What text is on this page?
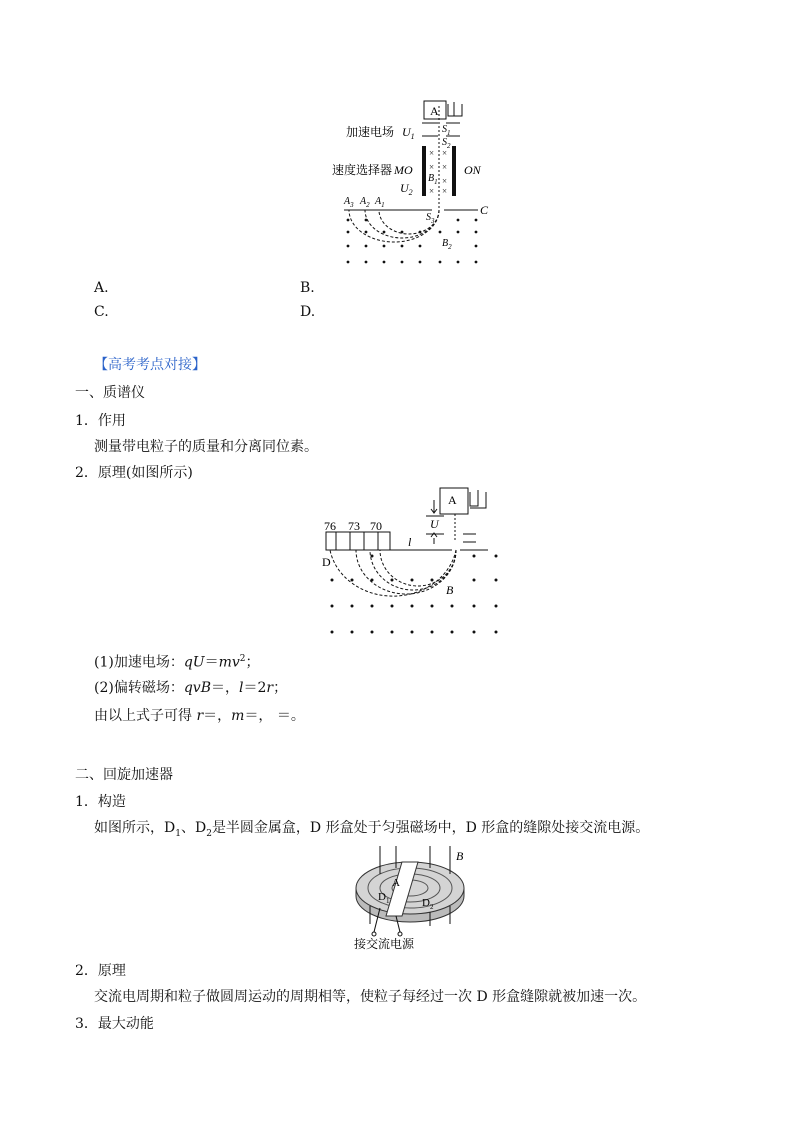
A
加速电场 $U_1$
$S_1$
$S_2$
速度选择器 MO	ON
$B_1$
$U_2$
× ×
× ×
×
× ×
C
$S_3$
$A_3$ $A_2$ $A_1$
$B_2$
A.	B.
C.	D.
【高考考点对接】
一、质谱仪
1．作用
测量带电粒子的质量和分离同位素。
2．原理(如图所示)
A
U
76 73 70
l
D
B
(1)加速电场：$qU=mv^2$；
(2)偏转磁场：qvB＝，l＝2r；
由以上式子可得 r＝，m＝， ＝。
二、回旋加速器
1．构造
如图所示，$D_1$、$D_2$是半圆金属盒，D 形盒处于匀强磁场中，D 形盒的缝隙处接交流电源。
B
A
$D_1$	$D_2$
接交流电源
2．原理
交流电周期和粒子做圆周运动的周期相等，使粒子每经过一次 D 形盒缝隙就被加速一次。
3．最大动能
